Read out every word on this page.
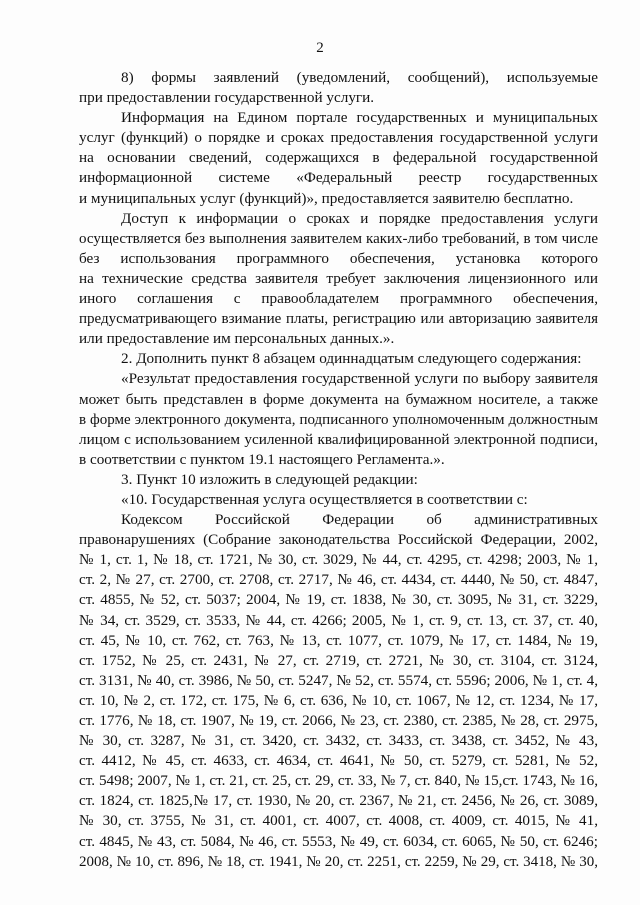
2
8) формы заявлений (уведомлений, сообщений), используемые
при предоставлении государственной услуги.
Информация на Едином портале государственных и муниципальных
услуг (функций) о порядке и сроках предоставления государственной услуги
на основании сведений, содержащихся в федеральной государственной
информационной системе «Федеральный реестр государственных
и муниципальных услуг (функций)», предоставляется заявителю бесплатно.
Доступ к информации о сроках и порядке предоставления услуги
осуществляется без выполнения заявителем каких-либо требований, в том числе
без использования программного обеспечения, установка которого
на технические средства заявителя требует заключения лицензионного или
иного соглашения с правообладателем программного обеспечения,
предусматривающего взимание платы, регистрацию или авторизацию заявителя
или предоставление им персональных данных.».
2. Дополнить пункт 8 абзацем одиннадцатым следующего содержания:
«Результат предоставления государственной услуги по выбору заявителя
может быть представлен в форме документа на бумажном носителе, а также
в форме электронного документа, подписанного уполномоченным должностным
лицом с использованием усиленной квалифицированной электронной подписи,
в соответствии с пунктом 19.1 настоящего Регламента.».
3. Пункт 10 изложить в следующей редакции:
«10. Государственная услуга осуществляется в соответствии с:
Кодексом Российской Федерации об административных
правонарушениях (Собрание законодательства Российской Федерации, 2002,
№ 1, ст. 1, № 18, ст. 1721, № 30, ст. 3029, № 44, ст. 4295, ст. 4298; 2003, № 1,
ст. 2, № 27, ст. 2700, ст. 2708, ст. 2717, № 46, ст. 4434, ст. 4440, № 50, ст. 4847,
ст. 4855, № 52, ст. 5037; 2004, № 19, ст. 1838, № 30, ст. 3095, № 31, ст. 3229,
№ 34, ст. 3529, ст. 3533, № 44, ст. 4266; 2005, № 1, ст. 9, ст. 13, ст. 37, ст. 40,
ст. 45, № 10, ст. 762, ст. 763, № 13, ст. 1077, ст. 1079, № 17, ст. 1484, № 19,
ст. 1752, № 25, ст. 2431, № 27, ст. 2719, ст. 2721, № 30, ст. 3104, ст. 3124,
ст. 3131, № 40, ст. 3986, № 50, ст. 5247, № 52, ст. 5574, ст. 5596; 2006, № 1, ст. 4,
ст. 10, № 2, ст. 172, ст. 175, № 6, ст. 636, № 10, ст. 1067, № 12, ст. 1234, № 17,
ст. 1776, № 18, ст. 1907, № 19, ст. 2066, № 23, ст. 2380, ст. 2385, № 28, ст. 2975,
№ 30, ст. 3287, № 31, ст. 3420, ст. 3432, ст. 3433, ст. 3438, ст. 3452, № 43,
ст. 4412, № 45, ст. 4633, ст. 4634, ст. 4641, № 50, ст. 5279, ст. 5281, № 52,
ст. 5498; 2007, № 1, ст. 21, ст. 25, ст. 29, ст. 33, № 7, ст. 840, № 15,ст. 1743, № 16,
ст. 1824, ст. 1825,№ 17, ст. 1930, № 20, ст. 2367, № 21, ст. 2456, № 26, ст. 3089,
№ 30, ст. 3755, № 31, ст. 4001, ст. 4007, ст. 4008, ст. 4009, ст. 4015, № 41,
ст. 4845, № 43, ст. 5084, № 46, ст. 5553, № 49, ст. 6034, ст. 6065, № 50, ст. 6246;
2008, № 10, ст. 896, № 18, ст. 1941, № 20, ст. 2251, ст. 2259, № 29, ст. 3418, № 30,
